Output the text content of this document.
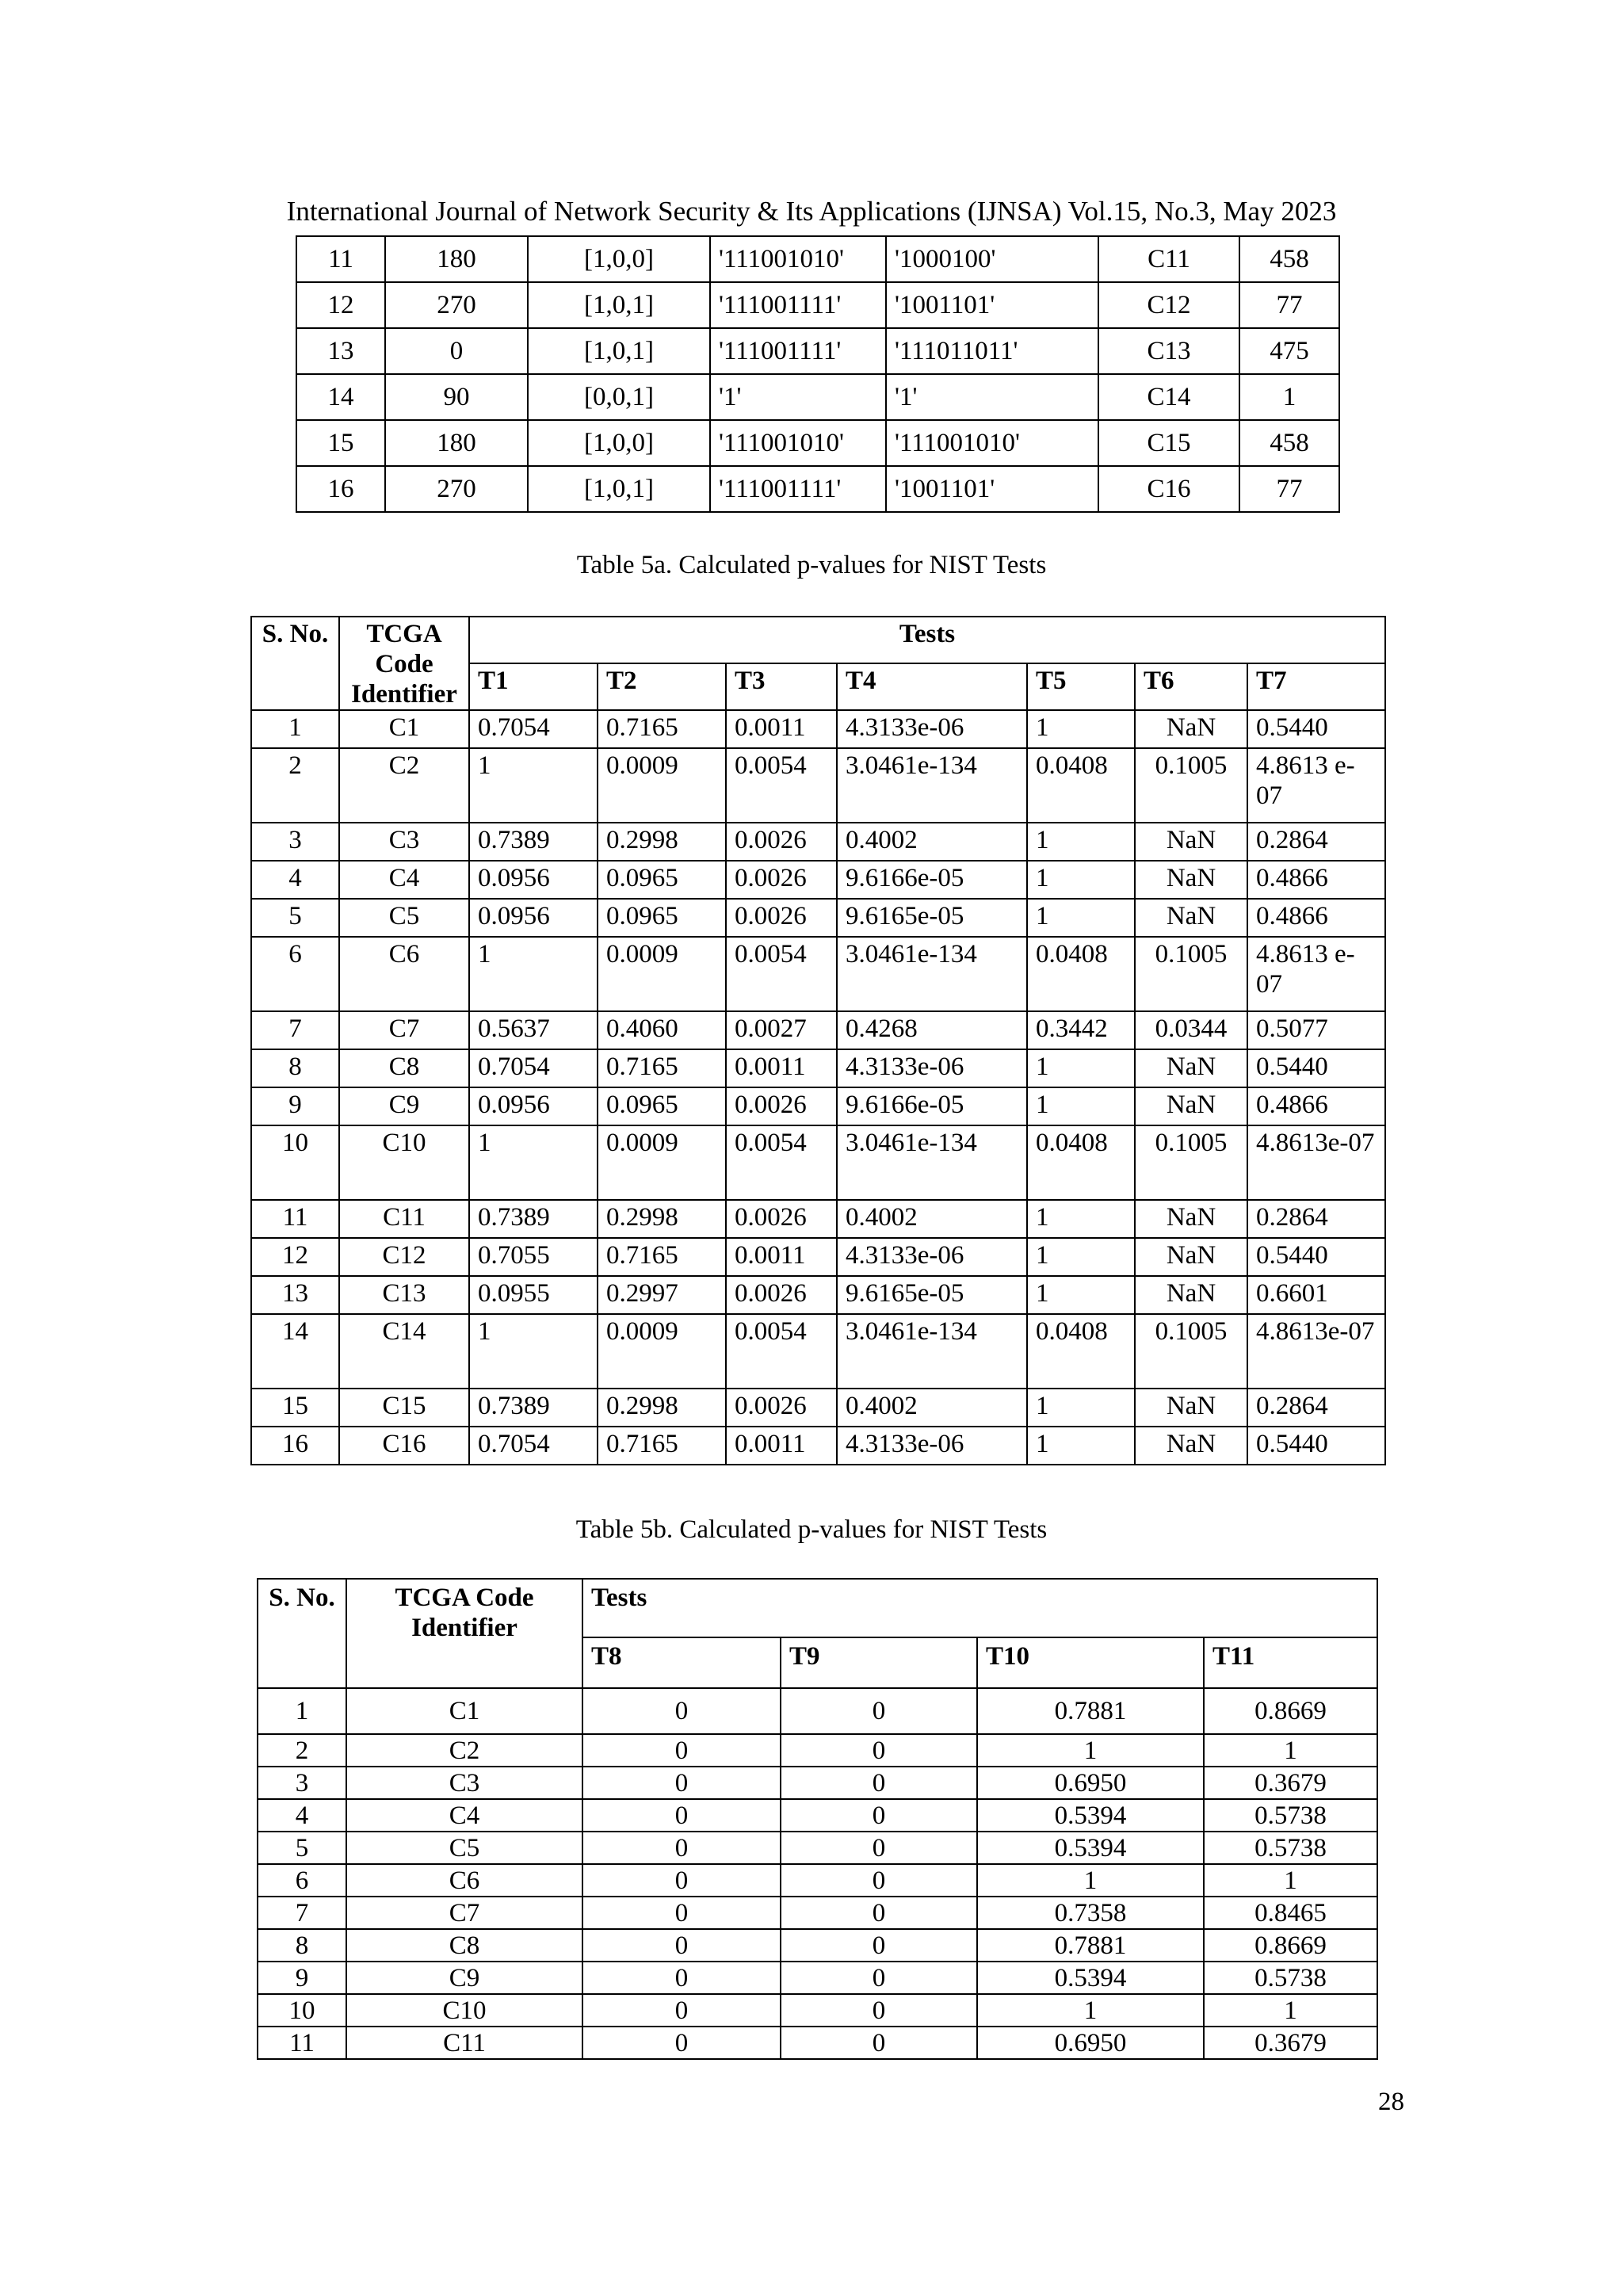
International Journal of Network Security & Its Applications (IJNSA) Vol.15, No.3, May 2023
11	180	[1,0,0]	'111001010'	'1000100'	C11	458
12	270	[1,0,1]	'111001111'	'1001101'	C12	77
13	0	[1,0,1]	'111001111'	'111011011'	C13	475
14	90	[0,0,1]	'1'	'1'	C14	1
15	180	[1,0,0]	'111001010'	'111001010'	C15	458
16	270	[1,0,1]	'111001111'	'1001101'	C16	77
Table 5a. Calculated p-values for NIST Tests
S. No.	TCGA Code Identifier	Tests						
		T1	T2	T3	T4	T5	T6	T7
1	C1	0.7054	0.7165	0.0011	4.3133e-06	1	NaN	0.5440
2	C2	1	0.0009	0.0054	3.0461e-134	0.0408	0.1005	4.8613 e-07
3	C3	0.7389	0.2998	0.0026	0.4002	1	NaN	0.2864
4	C4	0.0956	0.0965	0.0026	9.6166e-05	1	NaN	0.4866
5	C5	0.0956	0.0965	0.0026	9.6165e-05	1	NaN	0.4866
6	C6	1	0.0009	0.0054	3.0461e-134	0.0408	0.1005	4.8613 e-07
7	C7	0.5637	0.4060	0.0027	0.4268	0.3442	0.0344	0.5077
8	C8	0.7054	0.7165	0.0011	4.3133e-06	1	NaN	0.5440
9	C9	0.0956	0.0965	0.0026	9.6166e-05	1	NaN	0.4866
10	C10	1	0.0009	0.0054	3.0461e-134	0.0408	0.1005	4.8613e-07
11	C11	0.7389	0.2998	0.0026	0.4002	1	NaN	0.2864
12	C12	0.7055	0.7165	0.0011	4.3133e-06	1	NaN	0.5440
13	C13	0.0955	0.2997	0.0026	9.6165e-05	1	NaN	0.6601
14	C14	1	0.0009	0.0054	3.0461e-134	0.0408	0.1005	4.8613e-07
15	C15	0.7389	0.2998	0.0026	0.4002	1	NaN	0.2864
16	C16	0.7054	0.7165	0.0011	4.3133e-06	1	NaN	0.5440
Table 5b. Calculated p-values for NIST Tests
S. No.	TCGA Code Identifier	Tests			
		T8	T9	T10	T11
1	C1	0	0	0.7881	0.8669
2	C2	0	0	1	1
3	C3	0	0	0.6950	0.3679
4	C4	0	0	0.5394	0.5738
5	C5	0	0	0.5394	0.5738
6	C6	0	0	1	1
7	C7	0	0	0.7358	0.8465
8	C8	0	0	0.7881	0.8669
9	C9	0	0	0.5394	0.5738
10	C10	0	0	1	1
11	C11	0	0	0.6950	0.3679
28
